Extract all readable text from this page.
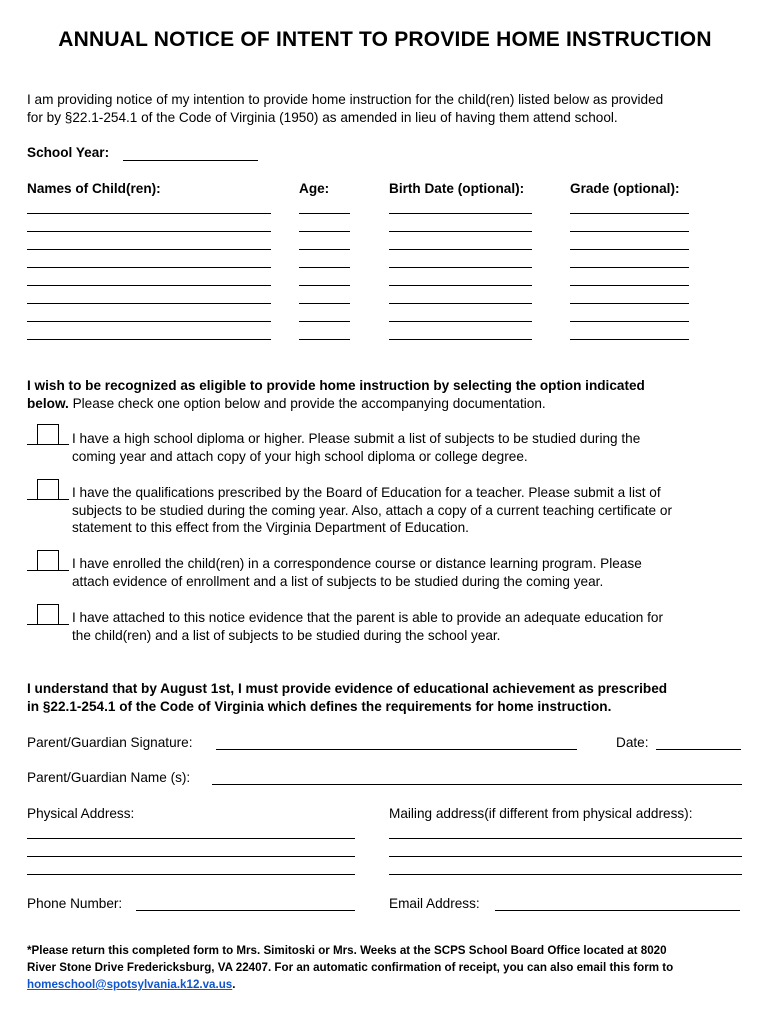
ANNUAL NOTICE OF INTENT TO PROVIDE HOME INSTRUCTION
I am providing notice of my intention to provide home instruction for the child(ren) listed below as provided
for by §22.1-254.1 of the Code of Virginia (1950) as amended in lieu of having them attend school.
School Year:
Names of Child(ren):	Age:	Birth Date (optional):	Grade (optional):
I wish to be recognized as eligible to provide home instruction by selecting the option indicated
below. Please check one option below and provide the accompanying documentation.
I have a high school diploma or higher. Please submit a list of subjects to be studied during the
coming year and attach copy of your high school diploma or college degree.
I have the qualifications prescribed by the Board of Education for a teacher. Please submit a list of
subjects to be studied during the coming year. Also, attach a copy of a current teaching certificate or
statement to this effect from the Virginia Department of Education.
I have enrolled the child(ren) in a correspondence course or distance learning program. Please
attach evidence of enrollment and a list of subjects to be studied during the coming year.
I have attached to this notice evidence that the parent is able to provide an adequate education for
the child(ren) and a list of subjects to be studied during the school year.
I understand that by August 1st, I must provide evidence of educational achievement as prescribed
in §22.1-254.1 of the Code of Virginia which defines the requirements for home instruction.
Parent/Guardian Signature:	Date:
Parent/Guardian Name (s):
Physical Address:	Mailing address(if different from physical address):
Phone Number:	Email Address:
*Please return this completed form to Mrs. Simitoski or Mrs. Weeks at the SCPS School Board Office located at 8020
River Stone Drive Fredericksburg, VA 22407. For an automatic confirmation of receipt, you can also email this form to
homeschool@spotsylvania.k12.va.us.
